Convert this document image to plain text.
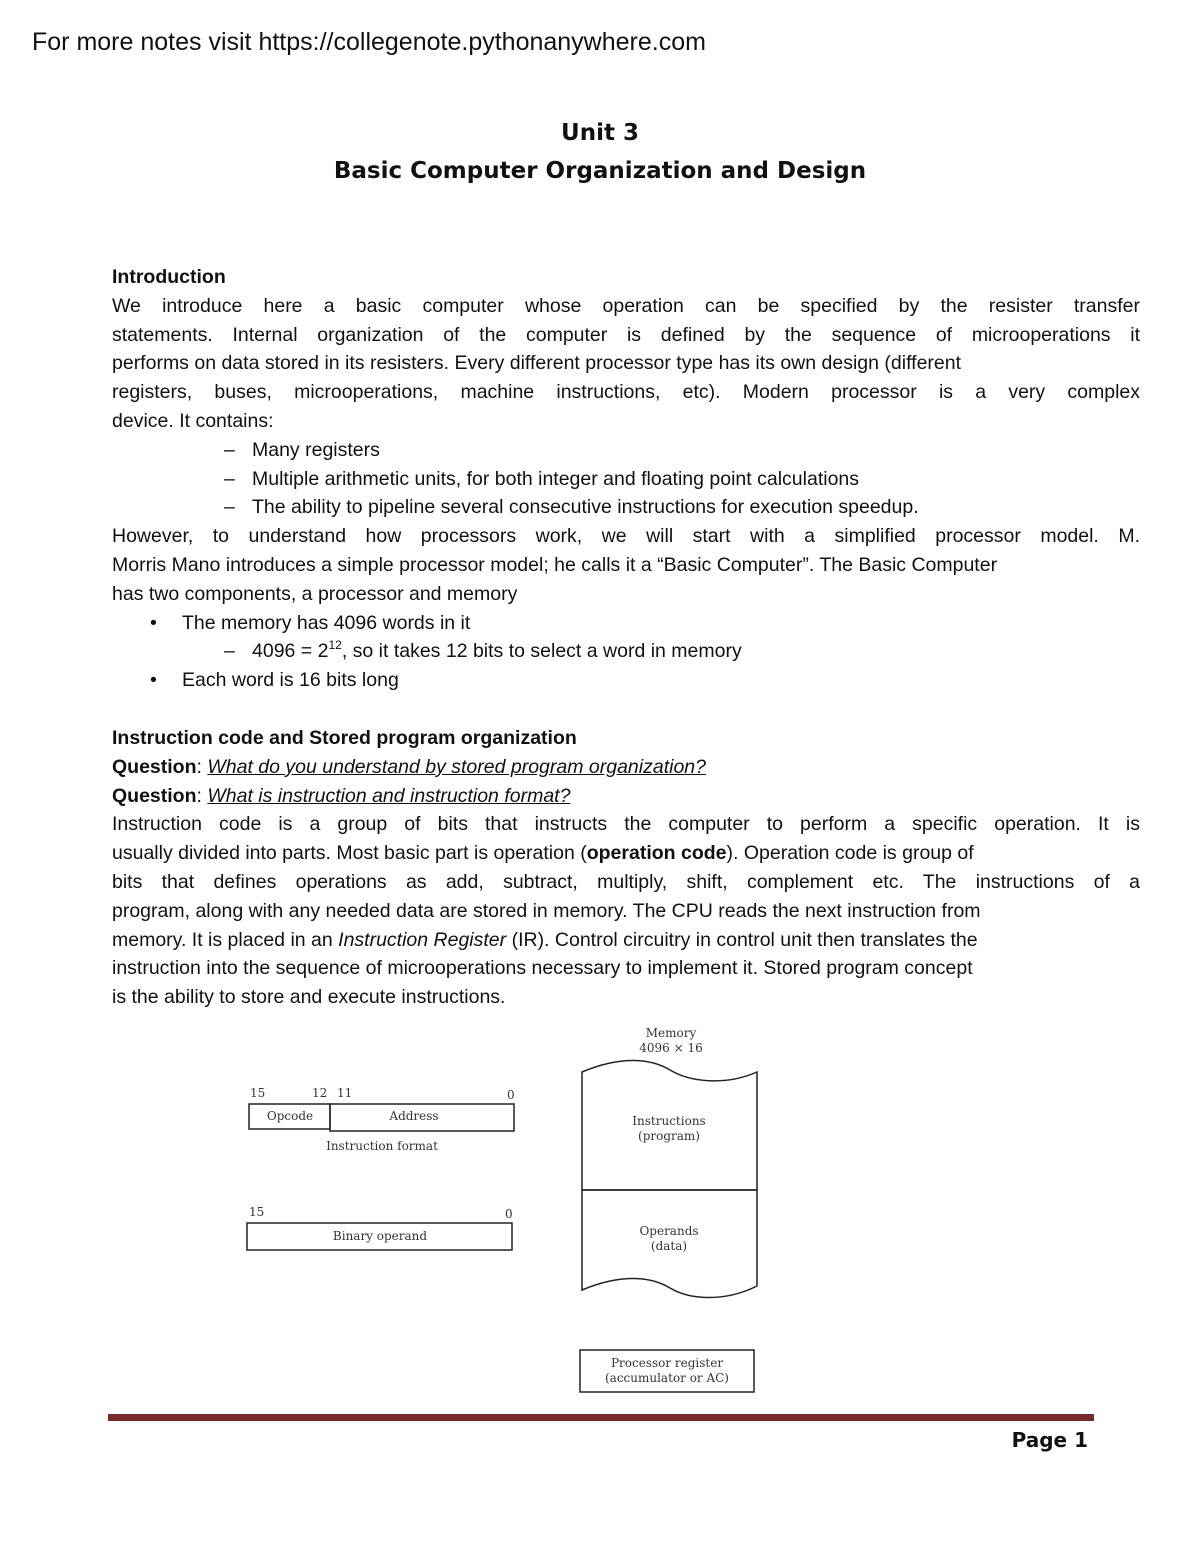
For more notes visit https://collegenote.pythonanywhere.com
Unit 3
Basic Computer Organization and Design
Introduction
We introduce here a basic computer whose operation can be specified by the resister transfer
statements. Internal organization of the computer is defined by the sequence of microoperations it
performs on data stored in its resisters. Every different processor type has its own design (different
registers, buses, microoperations, machine instructions, etc). Modern processor is a very complex
device. It contains:
– Many registers
– Multiple arithmetic units, for both integer and floating point calculations
– The ability to pipeline several consecutive instructions for execution speedup.
However, to understand how processors work, we will start with a simplified processor model. M.
Morris Mano introduces a simple processor model; he calls it a “Basic Computer”. The Basic Computer
has two components, a processor and memory
• The memory has 4096 words in it
– $4096 = 2^{12}$, so it takes 12 bits to select a word in memory
• Each word is 16 bits long
Instruction code and Stored program organization
Question: What do you understand by stored program organization?
Question: What is instruction and instruction format?
Instruction code is a group of bits that instructs the computer to perform a specific operation. It is
usually divided into parts. Most basic part is operation (operation code). Operation code is group of
bits that defines operations as add, subtract, multiply, shift, complement etc. The instructions of a
program, along with any needed data are stored in memory. The CPU reads the next instruction from
memory. It is placed in an Instruction Register (IR). Control circuitry in control unit then translates the
instruction into the sequence of microoperations necessary to implement it. Stored program concept
is the ability to store and execute instructions.
15	12 11	0
Opcode	Address
Instruction format
15	0
Binary operand
Memory
4096 × 16
Instructions
(program)
Operands
(data)
Processor register
(accumulator or AC)
Page 1
